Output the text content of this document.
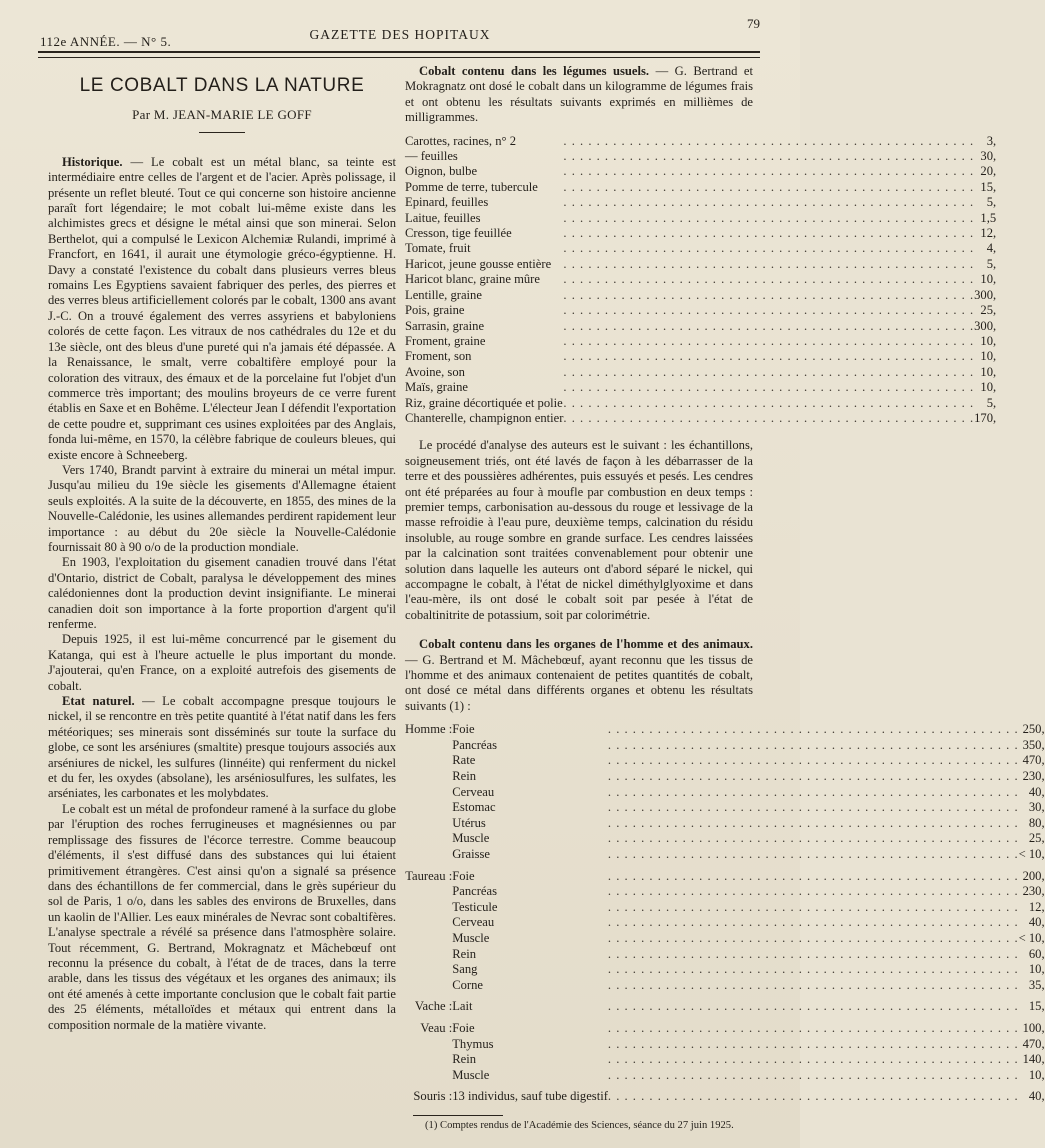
112e ANNÉE. — N° 5.	GAZETTE DES HOPITAUX
79
LE COBALT DANS LA NATURE
Par M. JEAN-MARIE LE GOFF

Historique. — Le cobalt est un métal blanc, sa teinte est intermédiaire entre celles de l'argent et de l'acier. Après polissage, il présente un reflet bleuté. Tout ce qui concerne son histoire ancienne paraît fort légendaire; le mot cobalt lui-même existe dans les alchimistes grecs et désigne le métal ainsi que son minerai. Selon Berthelot, qui a compulsé le Lexicon Alchemiæ Rulandi, imprimé à Francfort, en 1641, il aurait une étymologie gréco-égyptienne. H. Davy a constaté l'existence du cobalt dans plusieurs verres bleus romains Les Egyptiens savaient fabriquer des perles, des pierres et des verres bleus artificiellement colorés par le cobalt, 1300 ans avant J.-C. On a trouvé également des verres assyriens et babyloniens colorés de cette façon. Les vitraux de nos cathédrales du 12e et du 13e siècle, ont des bleus d'une pureté qui n'a jamais été dépassée. A la Renaissance, le smalt, verre cobaltifère employé pour la coloration des vitraux, des émaux et de la porcelaine fut l'objet d'un commerce très important; des moulins broyeurs de ce verre furent établis en Saxe et en Bohême. L'électeur Jean I défendit l'exportation de cette poudre et, supprimant ces usines exploitées par des Anglais, fonda lui-même, en 1570, la célèbre fabrique de couleurs bleues, qui existe encore à Schneeberg.

Vers 1740, Brandt parvint à extraire du minerai un métal impur. Jusqu'au milieu du 19e siècle les gisements d'Allemagne étaient seuls exploités. A la suite de la découverte, en 1855, des mines de la Nouvelle-Calédonie, les usines allemandes perdirent rapidement leur importance : au début du 20e siècle la Nouvelle-Calédonie fournissait 80 à 90 o/o de la production mondiale.

En 1903, l'exploitation du gisement canadien trouvé dans l'état d'Ontario, district de Cobalt, paralysa le développement des mines calédoniennes dont la production devint insignifiante. Le minerai canadien doit son importance à la forte proportion d'argent qu'il renferme.

Depuis 1925, il est lui-même concurrencé par le gisement du Katanga, qui est à l'heure actuelle le plus important du monde. J'ajouterai, qu'en France, on a exploité autrefois des gisements de cobalt.

Etat naturel. — Le cobalt accompagne presque toujours le nickel, il se rencontre en très petite quantité à l'état natif dans les fers météoriques; ses minerais sont disséminés sur toute la surface du globe, ce sont les arséniures (smaltite) presque toujours associés aux arséniures de nickel, les sulfures (linnéite) qui renferment du nickel et du fer, les oxydes (absolane), les arséniosulfures, les sulfates, les arséniates, les carbonates et les molybdates.

Le cobalt est un métal de profondeur ramené à la surface du globe par l'éruption des roches ferrugineuses et magnésiennes ou par remplissage des fissures de l'écorce terrestre. Comme beaucoup d'éléments, il s'est diffusé dans des substances qui lui étaient primitivement étrangères. C'est ainsi qu'on a signalé sa présence dans des échantillons de fer commercial, dans le grès supérieur du sol de Paris, 1 o/o, dans les sables des environs de Bruxelles, dans un kaolin de l'Allier. Les eaux minérales de Nevrac sont cobaltifères. L'analyse spectrale a révélé sa présence dans l'atmosphère solaire. Tout récemment, G. Bertrand, Mokragnatz et Mâchebœuf ont reconnu la présence du cobalt, à l'état de de traces, dans la terre arable, dans les tissus des végétaux et les organes des animaux; ils ont été amenés à cette importante conclusion que le cobalt fait partie des 25 éléments, métalloïdes et métaux qui entrent dans la composition normale de la matière vivante.

Cobalt contenu dans les légumes usuels. — G. Bertrand et Mokragnatz ont dosé le cobalt dans un kilogramme de légumes frais et ont obtenu les résultats suivants exprimés en millièmes de milligrammes.

Carottes, racines, n° 2	. . . . . . . . . . . . . . . . . . . . . . . . . . . . . . . . . . . . . . . . . . . . . . . . . .	3,
— feuilles	. . . . . . . . . . . . . . . . . . . . . . . . . . . . . . . . . . . . . . . . . . . . . . . . . .	30,
Oignon, bulbe	. . . . . . . . . . . . . . . . . . . . . . . . . . . . . . . . . . . . . . . . . . . . . . . . . .	20,
Pomme de terre, tubercule	. . . . . . . . . . . . . . . . . . . . . . . . . . . . . . . . . . . . . . . . . . . . . . . . . .	15,
Epinard, feuilles	. . . . . . . . . . . . . . . . . . . . . . . . . . . . . . . . . . . . . . . . . . . . . . . . . .	5,
Laitue, feuilles	. . . . . . . . . . . . . . . . . . . . . . . . . . . . . . . . . . . . . . . . . . . . . . . . . .	1,5
Cresson, tige feuillée	. . . . . . . . . . . . . . . . . . . . . . . . . . . . . . . . . . . . . . . . . . . . . . . . . .	12,
Tomate, fruit	. . . . . . . . . . . . . . . . . . . . . . . . . . . . . . . . . . . . . . . . . . . . . . . . . .	4,
Haricot, jeune gousse entière	. . . . . . . . . . . . . . . . . . . . . . . . . . . . . . . . . . . . . . . . . . . . . . . . . .	5,
Haricot blanc, graine mûre	. . . . . . . . . . . . . . . . . . . . . . . . . . . . . . . . . . . . . . . . . . . . . . . . . .	10,
Lentille, graine	. . . . . . . . . . . . . . . . . . . . . . . . . . . . . . . . . . . . . . . . . . . . . . . . . .	300,
Pois, graine	. . . . . . . . . . . . . . . . . . . . . . . . . . . . . . . . . . . . . . . . . . . . . . . . . .	25,
Sarrasin, graine	. . . . . . . . . . . . . . . . . . . . . . . . . . . . . . . . . . . . . . . . . . . . . . . . . .	300,
Froment, graine	. . . . . . . . . . . . . . . . . . . . . . . . . . . . . . . . . . . . . . . . . . . . . . . . . .	10,
Froment, son	. . . . . . . . . . . . . . . . . . . . . . . . . . . . . . . . . . . . . . . . . . . . . . . . . .	10,
Avoine, son	. . . . . . . . . . . . . . . . . . . . . . . . . . . . . . . . . . . . . . . . . . . . . . . . . .	10,
Maïs, graine	. . . . . . . . . . . . . . . . . . . . . . . . . . . . . . . . . . . . . . . . . . . . . . . . . .	10,
Riz, graine décortiquée et polie	. . . . . . . . . . . . . . . . . . . . . . . . . . . . . . . . . . . . . . . . . . . . . . . . . .	5,
Chanterelle, champignon entier	. . . . . . . . . . . . . . . . . . . . . . . . . . . . . . . . . . . . . . . . . . . . . . . . . .	170,

Le procédé d'analyse des auteurs est le suivant : les échantillons, soigneusement triés, ont été lavés de façon à les débarrasser de la terre et des poussières adhérentes, puis essuyés et pesés. Les cendres ont été préparées au four à moufle par combustion en deux temps : premier temps, carbonisation au-dessous du rouge et lessivage de la masse refroidie à l'eau pure, deuxième temps, calcination du résidu insoluble, au rouge sombre en grande surface. Les cendres laissées par la calcination sont traitées convenablement pour obtenir une solution dans laquelle les auteurs ont d'abord séparé le nickel, qui accompagne le cobalt, à l'état de nickel diméthylglyoxime et dans l'eau-mère, ils ont dosé le cobalt soit par pesée à l'état de cobaltinitrite de potassium, soit par colorimétrie.

Cobalt contenu dans les organes de l'homme et des animaux. — G. Bertrand et M. Mâchebœuf, ayant reconnu que les tissus de l'homme et des animaux contenaient de petites quantités de cobalt, ont dosé ce métal dans différents organes et obtenu les résultats suivants (1) :

Homme :	Foie	. . . . . . . . . . . . . . . . . . . . . . . . . . . . . . . . . . . . . . . . . . . . . . . . . .	250,
	Pancréas	. . . . . . . . . . . . . . . . . . . . . . . . . . . . . . . . . . . . . . . . . . . . . . . . . .	350,
	Rate	. . . . . . . . . . . . . . . . . . . . . . . . . . . . . . . . . . . . . . . . . . . . . . . . . .	470,
	Rein	. . . . . . . . . . . . . . . . . . . . . . . . . . . . . . . . . . . . . . . . . . . . . . . . . .	230,
	Cerveau	. . . . . . . . . . . . . . . . . . . . . . . . . . . . . . . . . . . . . . . . . . . . . . . . . .	40,
	Estomac	. . . . . . . . . . . . . . . . . . . . . . . . . . . . . . . . . . . . . . . . . . . . . . . . . .	30,
	Utérus	. . . . . . . . . . . . . . . . . . . . . . . . . . . . . . . . . . . . . . . . . . . . . . . . . .	80,
	Muscle	. . . . . . . . . . . . . . . . . . . . . . . . . . . . . . . . . . . . . . . . . . . . . . . . . .	25,
	Graisse	. . . . . . . . . . . . . . . . . . . . . . . . . . . . . . . . . . . . . . . . . . . . . . . . . .	< 10,
Taureau :	Foie	. . . . . . . . . . . . . . . . . . . . . . . . . . . . . . . . . . . . . . . . . . . . . . . . . .	200,
	Pancréas	. . . . . . . . . . . . . . . . . . . . . . . . . . . . . . . . . . . . . . . . . . . . . . . . . .	230,
	Testicule	. . . . . . . . . . . . . . . . . . . . . . . . . . . . . . . . . . . . . . . . . . . . . . . . . .	12,
	Cerveau	. . . . . . . . . . . . . . . . . . . . . . . . . . . . . . . . . . . . . . . . . . . . . . . . . .	40,
	Muscle	. . . . . . . . . . . . . . . . . . . . . . . . . . . . . . . . . . . . . . . . . . . . . . . . . .	< 10,
	Rein	. . . . . . . . . . . . . . . . . . . . . . . . . . . . . . . . . . . . . . . . . . . . . . . . . .	60,
	Sang	. . . . . . . . . . . . . . . . . . . . . . . . . . . . . . . . . . . . . . . . . . . . . . . . . .	10,
	Corne	. . . . . . . . . . . . . . . . . . . . . . . . . . . . . . . . . . . . . . . . . . . . . . . . . .	35,
Vache :	Lait	. . . . . . . . . . . . . . . . . . . . . . . . . . . . . . . . . . . . . . . . . . . . . . . . . .	15,
Veau :	Foie	. . . . . . . . . . . . . . . . . . . . . . . . . . . . . . . . . . . . . . . . . . . . . . . . . .	100,
	Thymus	. . . . . . . . . . . . . . . . . . . . . . . . . . . . . . . . . . . . . . . . . . . . . . . . . .	470,
	Rein	. . . . . . . . . . . . . . . . . . . . . . . . . . . . . . . . . . . . . . . . . . . . . . . . . .	140,
	Muscle	. . . . . . . . . . . . . . . . . . . . . . . . . . . . . . . . . . . . . . . . . . . . . . . . . .	10,
Souris :	13 individus, sauf tube digestif	. . . . . . . . . . . . . . . . . . . . . . . . . . . . . . . . . . . . . . . . . . . . . . . . . .	40,
(1) Comptes rendus de l'Académie des Sciences, séance du 27 juin 1925.
